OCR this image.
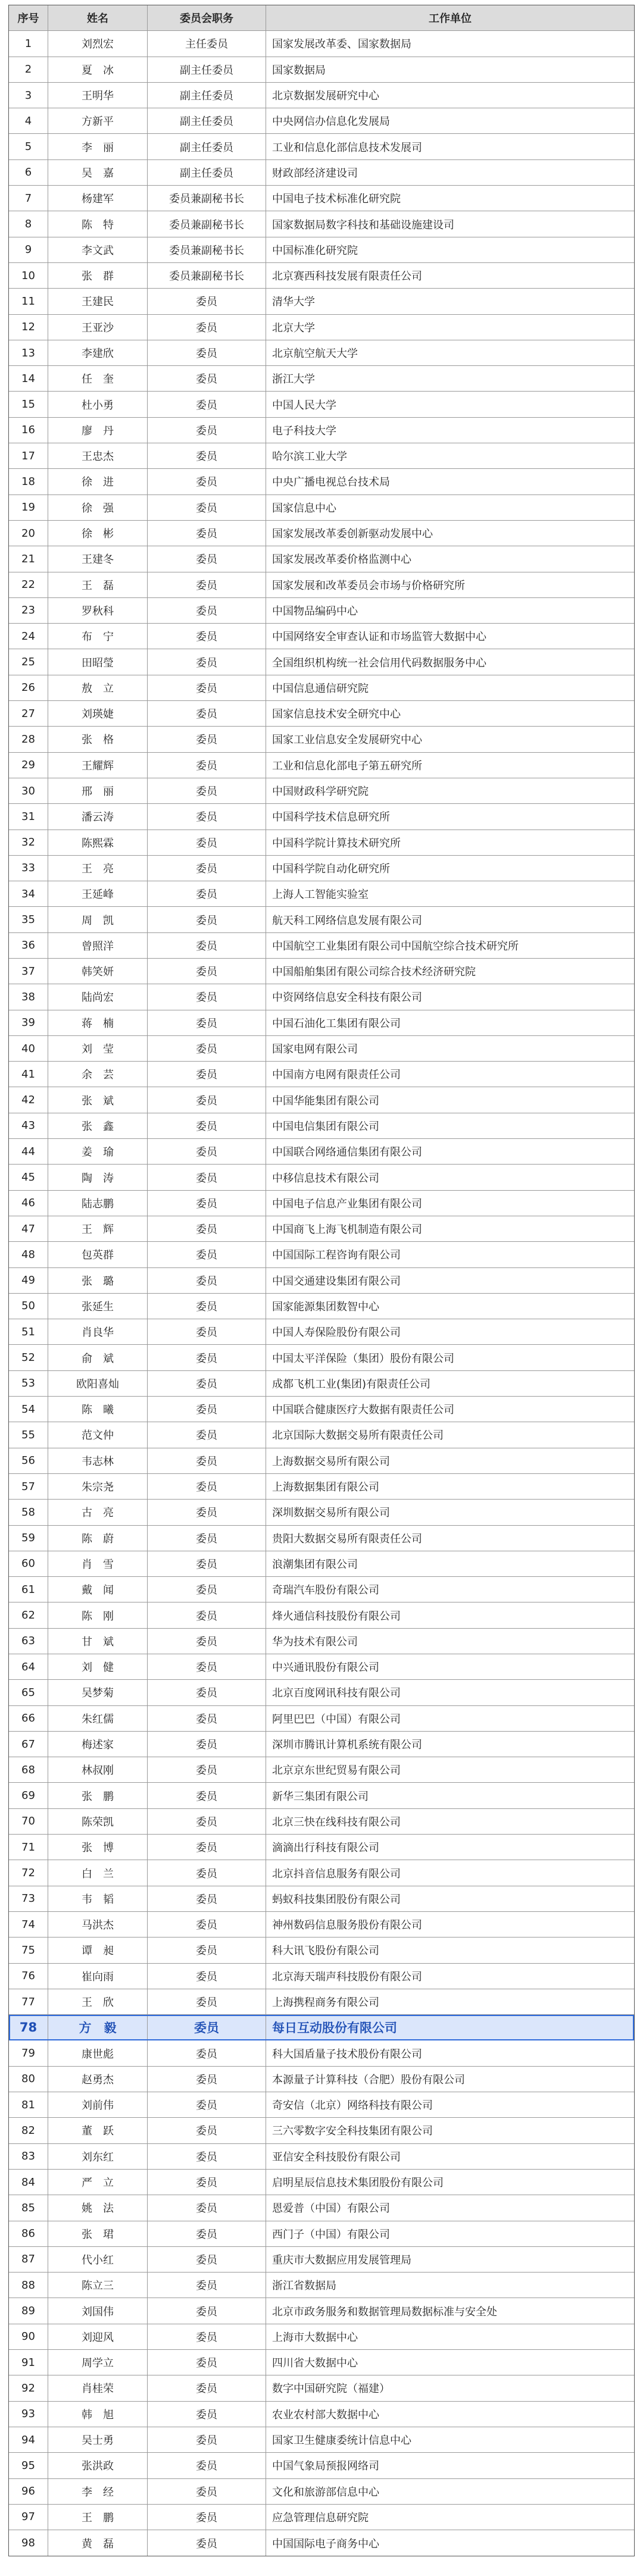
序号	姓名	委员会职务	工作单位
1	刘烈宏	主任委员	国家发展改革委、国家数据局
2	夏　冰	副主任委员	国家数据局
3	王明华	副主任委员	北京数据发展研究中心
4	方新平	副主任委员	中央网信办信息化发展局
5	李　丽	副主任委员	工业和信息化部信息技术发展司
6	吴　嘉	副主任委员	财政部经济建设司
7	杨建军	委员兼副秘书长	中国电子技术标准化研究院
8	陈　特	委员兼副秘书长	国家数据局数字科技和基础设施建设司
9	李文武	委员兼副秘书长	中国标准化研究院
10	张　群	委员兼副秘书长	北京赛西科技发展有限责任公司
11	王建民	委员	清华大学
12	王亚沙	委员	北京大学
13	李建欣	委员	北京航空航天大学
14	任　奎	委员	浙江大学
15	杜小勇	委员	中国人民大学
16	廖　丹	委员	电子科技大学
17	王忠杰	委员	哈尔滨工业大学
18	徐　进	委员	中央广播电视总台技术局
19	徐　强	委员	国家信息中心
20	徐　彬	委员	国家发展改革委创新驱动发展中心
21	王建冬	委员	国家发展改革委价格监测中心
22	王　磊	委员	国家发展和改革委员会市场与价格研究所
23	罗秋科	委员	中国物品编码中心
24	布　宁	委员	中国网络安全审查认证和市场监管大数据中心
25	田昭瑩	委员	全国组织机构统一社会信用代码数据服务中心
26	敖　立	委员	中国信息通信研究院
27	刘瑛婕	委员	国家信息技术安全研究中心
28	张　格	委员	国家工业信息安全发展研究中心
29	王耀辉	委员	工业和信息化部电子第五研究所
30	邢　丽	委员	中国财政科学研究院
31	潘云涛	委员	中国科学技术信息研究所
32	陈熙霖	委员	中国科学院计算技术研究所
33	王　亮	委员	中国科学院自动化研究所
34	王延峰	委员	上海人工智能实验室
35	周　凯	委员	航天科工网络信息发展有限公司
36	曾照洋	委员	中国航空工业集团有限公司中国航空综合技术研究所
37	韩笑妍	委员	中国船舶集团有限公司综合技术经济研究院
38	陆尚宏	委员	中资网络信息安全科技有限公司
39	蒋　楠	委员	中国石油化工集团有限公司
40	刘　莹	委员	国家电网有限公司
41	余　芸	委员	中国南方电网有限责任公司
42	张　斌	委员	中国华能集团有限公司
43	张　鑫	委员	中国电信集团有限公司
44	姜　瑜	委员	中国联合网络通信集团有限公司
45	陶　涛	委员	中移信息技术有限公司
46	陆志鹏	委员	中国电子信息产业集团有限公司
47	王　辉	委员	中国商飞上海飞机制造有限公司
48	包英群	委员	中国国际工程咨询有限公司
49	张　璐	委员	中国交通建设集团有限公司
50	张延生	委员	国家能源集团数智中心
51	肖良华	委员	中国人寿保险股份有限公司
52	俞　斌	委员	中国太平洋保险（集团）股份有限公司
53	欧阳喜灿	委员	成都飞机工业(集团)有限责任公司
54	陈　曦	委员	中国联合健康医疗大数据有限责任公司
55	范文仲	委员	北京国际大数据交易所有限责任公司
56	韦志林	委员	上海数据交易所有限公司
57	朱宗尧	委员	上海数据集团有限公司
58	古　亮	委员	深圳数据交易所有限公司
59	陈　蔚	委员	贵阳大数据交易所有限责任公司
60	肖　雪	委员	浪潮集团有限公司
61	戴　闻	委员	奇瑞汽车股份有限公司
62	陈　刚	委员	烽火通信科技股份有限公司
63	甘　斌	委员	华为技术有限公司
64	刘　健	委员	中兴通讯股份有限公司
65	吴梦菊	委员	北京百度网讯科技有限公司
66	朱红儒	委员	阿里巴巴（中国）有限公司
67	梅述家	委员	深圳市腾讯计算机系统有限公司
68	林叔刚	委员	北京京东世纪贸易有限公司
69	张　鹏	委员	新华三集团有限公司
70	陈荣凯	委员	北京三快在线科技有限公司
71	张　博	委员	滴滴出行科技有限公司
72	白　兰	委员	北京抖音信息服务有限公司
73	韦　韬	委员	蚂蚁科技集团股份有限公司
74	马洪杰	委员	神州数码信息服务股份有限公司
75	谭　昶	委员	科大讯飞股份有限公司
76	崔向雨	委员	北京海天瑞声科技股份有限公司
77	王　欣	委员	上海携程商务有限公司
78	方　毅	委员	每日互动股份有限公司
79	康世彪	委员	科大国盾量子技术股份有限公司
80	赵勇杰	委员	本源量子计算科技（合肥）股份有限公司
81	刘前伟	委员	奇安信（北京）网络科技有限公司
82	董　跃	委员	三六零数字安全科技集团有限公司
83	刘东红	委员	亚信安全科技股份有限公司
84	严　立	委员	启明星辰信息技术集团股份有限公司
85	姚　法	委员	恩爱普（中国）有限公司
86	张　珺	委员	西门子（中国）有限公司
87	代小红	委员	重庆市大数据应用发展管理局
88	陈立三	委员	浙江省数据局
89	刘国伟	委员	北京市政务服务和数据管理局数据标准与安全处
90	刘迎风	委员	上海市大数据中心
91	周学立	委员	四川省大数据中心
92	肖桂荣	委员	数字中国研究院（福建）
93	韩　旭	委员	农业农村部大数据中心
94	吴士勇	委员	国家卫生健康委统计信息中心
95	张洪政	委员	中国气象局预报网络司
96	李　经	委员	文化和旅游部信息中心
97	王　鹏	委员	应急管理信息研究院
98	黄　磊	委员	中国国际电子商务中心
